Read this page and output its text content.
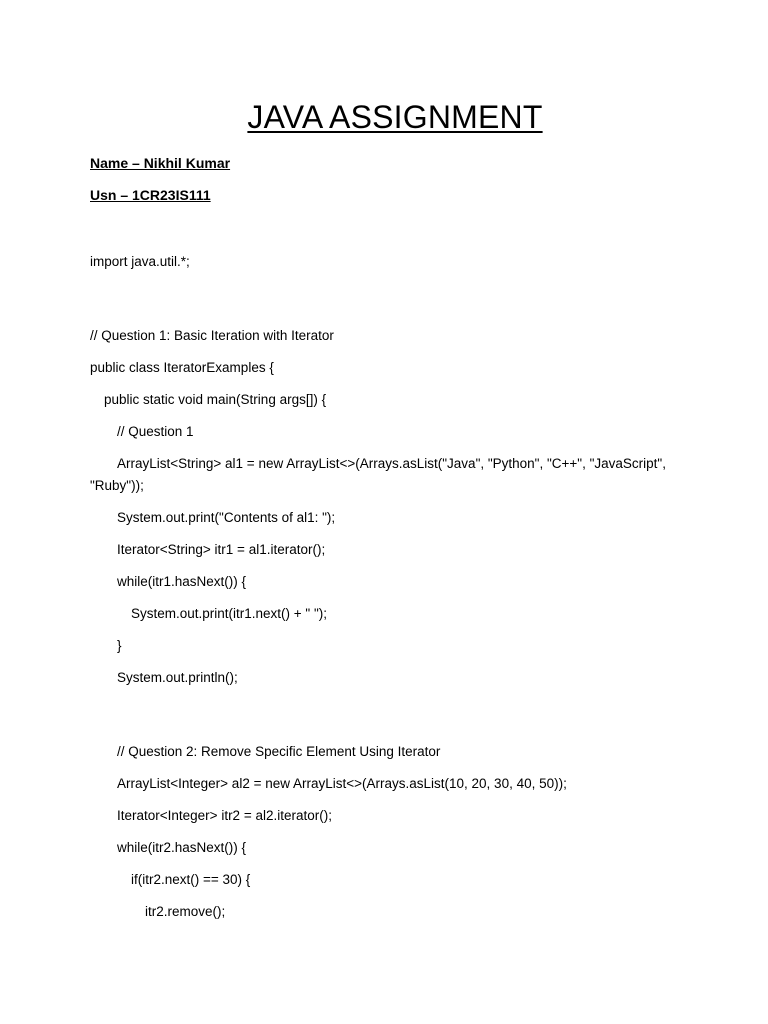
JAVA ASSIGNMENT
Name – Nikhil Kumar
Usn – 1CR23IS111
import java.util.*;
// Question 1: Basic Iteration with Iterator
public class IteratorExamples {
public static void main(String args[]) {
// Question 1
ArrayList<String> al1 = new ArrayList<>(Arrays.asList("Java", "Python", "C++", "JavaScript", "Ruby"));
System.out.print("Contents of al1: ");
Iterator<String> itr1 = al1.iterator();
while(itr1.hasNext()) {
System.out.print(itr1.next() + " ");
}
System.out.println();
// Question 2: Remove Specific Element Using Iterator
ArrayList<Integer> al2 = new ArrayList<>(Arrays.asList(10, 20, 30, 40, 50));
Iterator<Integer> itr2 = al2.iterator();
while(itr2.hasNext()) {
if(itr2.next() == 30) {
itr2.remove();
